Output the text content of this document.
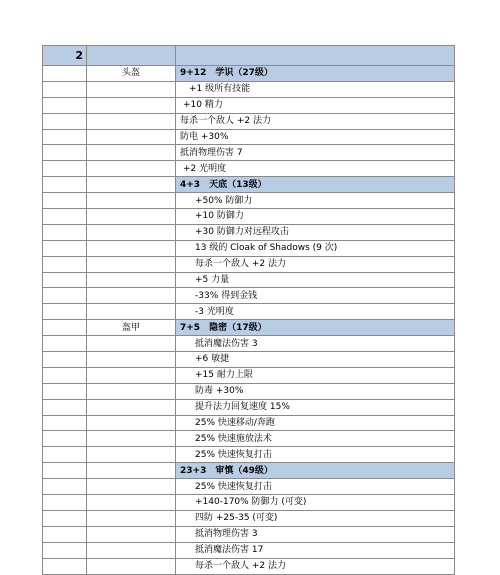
2		
	头盔	9+12　学识（27级）
		+1 级所有技能
		+10 精力
		每杀一个敌人 +2 法力
		防电 +30%
		抵消物理伤害 7
		+2 光明度
		4+3　天底（13级）
		+50% 防御力
		+10 防御力
		+30 防御力对远程攻击
		13 级的 Cloak of Shadows (9 次)
		每杀一个敌人 +2 法力
		+5 力量
		-33% 得到金钱
		-3 光明度
	盔甲	7+5　隐密（17级）
		抵消魔法伤害 3
		+6 敏捷
		+15 耐力上限
		防毒 +30%
		提升法力回复速度 15%
		25% 快速移动/奔跑
		25% 快速施放法术
		25% 快速恢复打击
		23+3　审慎（49级）
		25% 快速恢复打击
		+140-170% 防御力 (可变)
		四防 +25-35 (可变)
		抵消物理伤害 3
		抵消魔法伤害 17
		每杀一个敌人 +2 法力
